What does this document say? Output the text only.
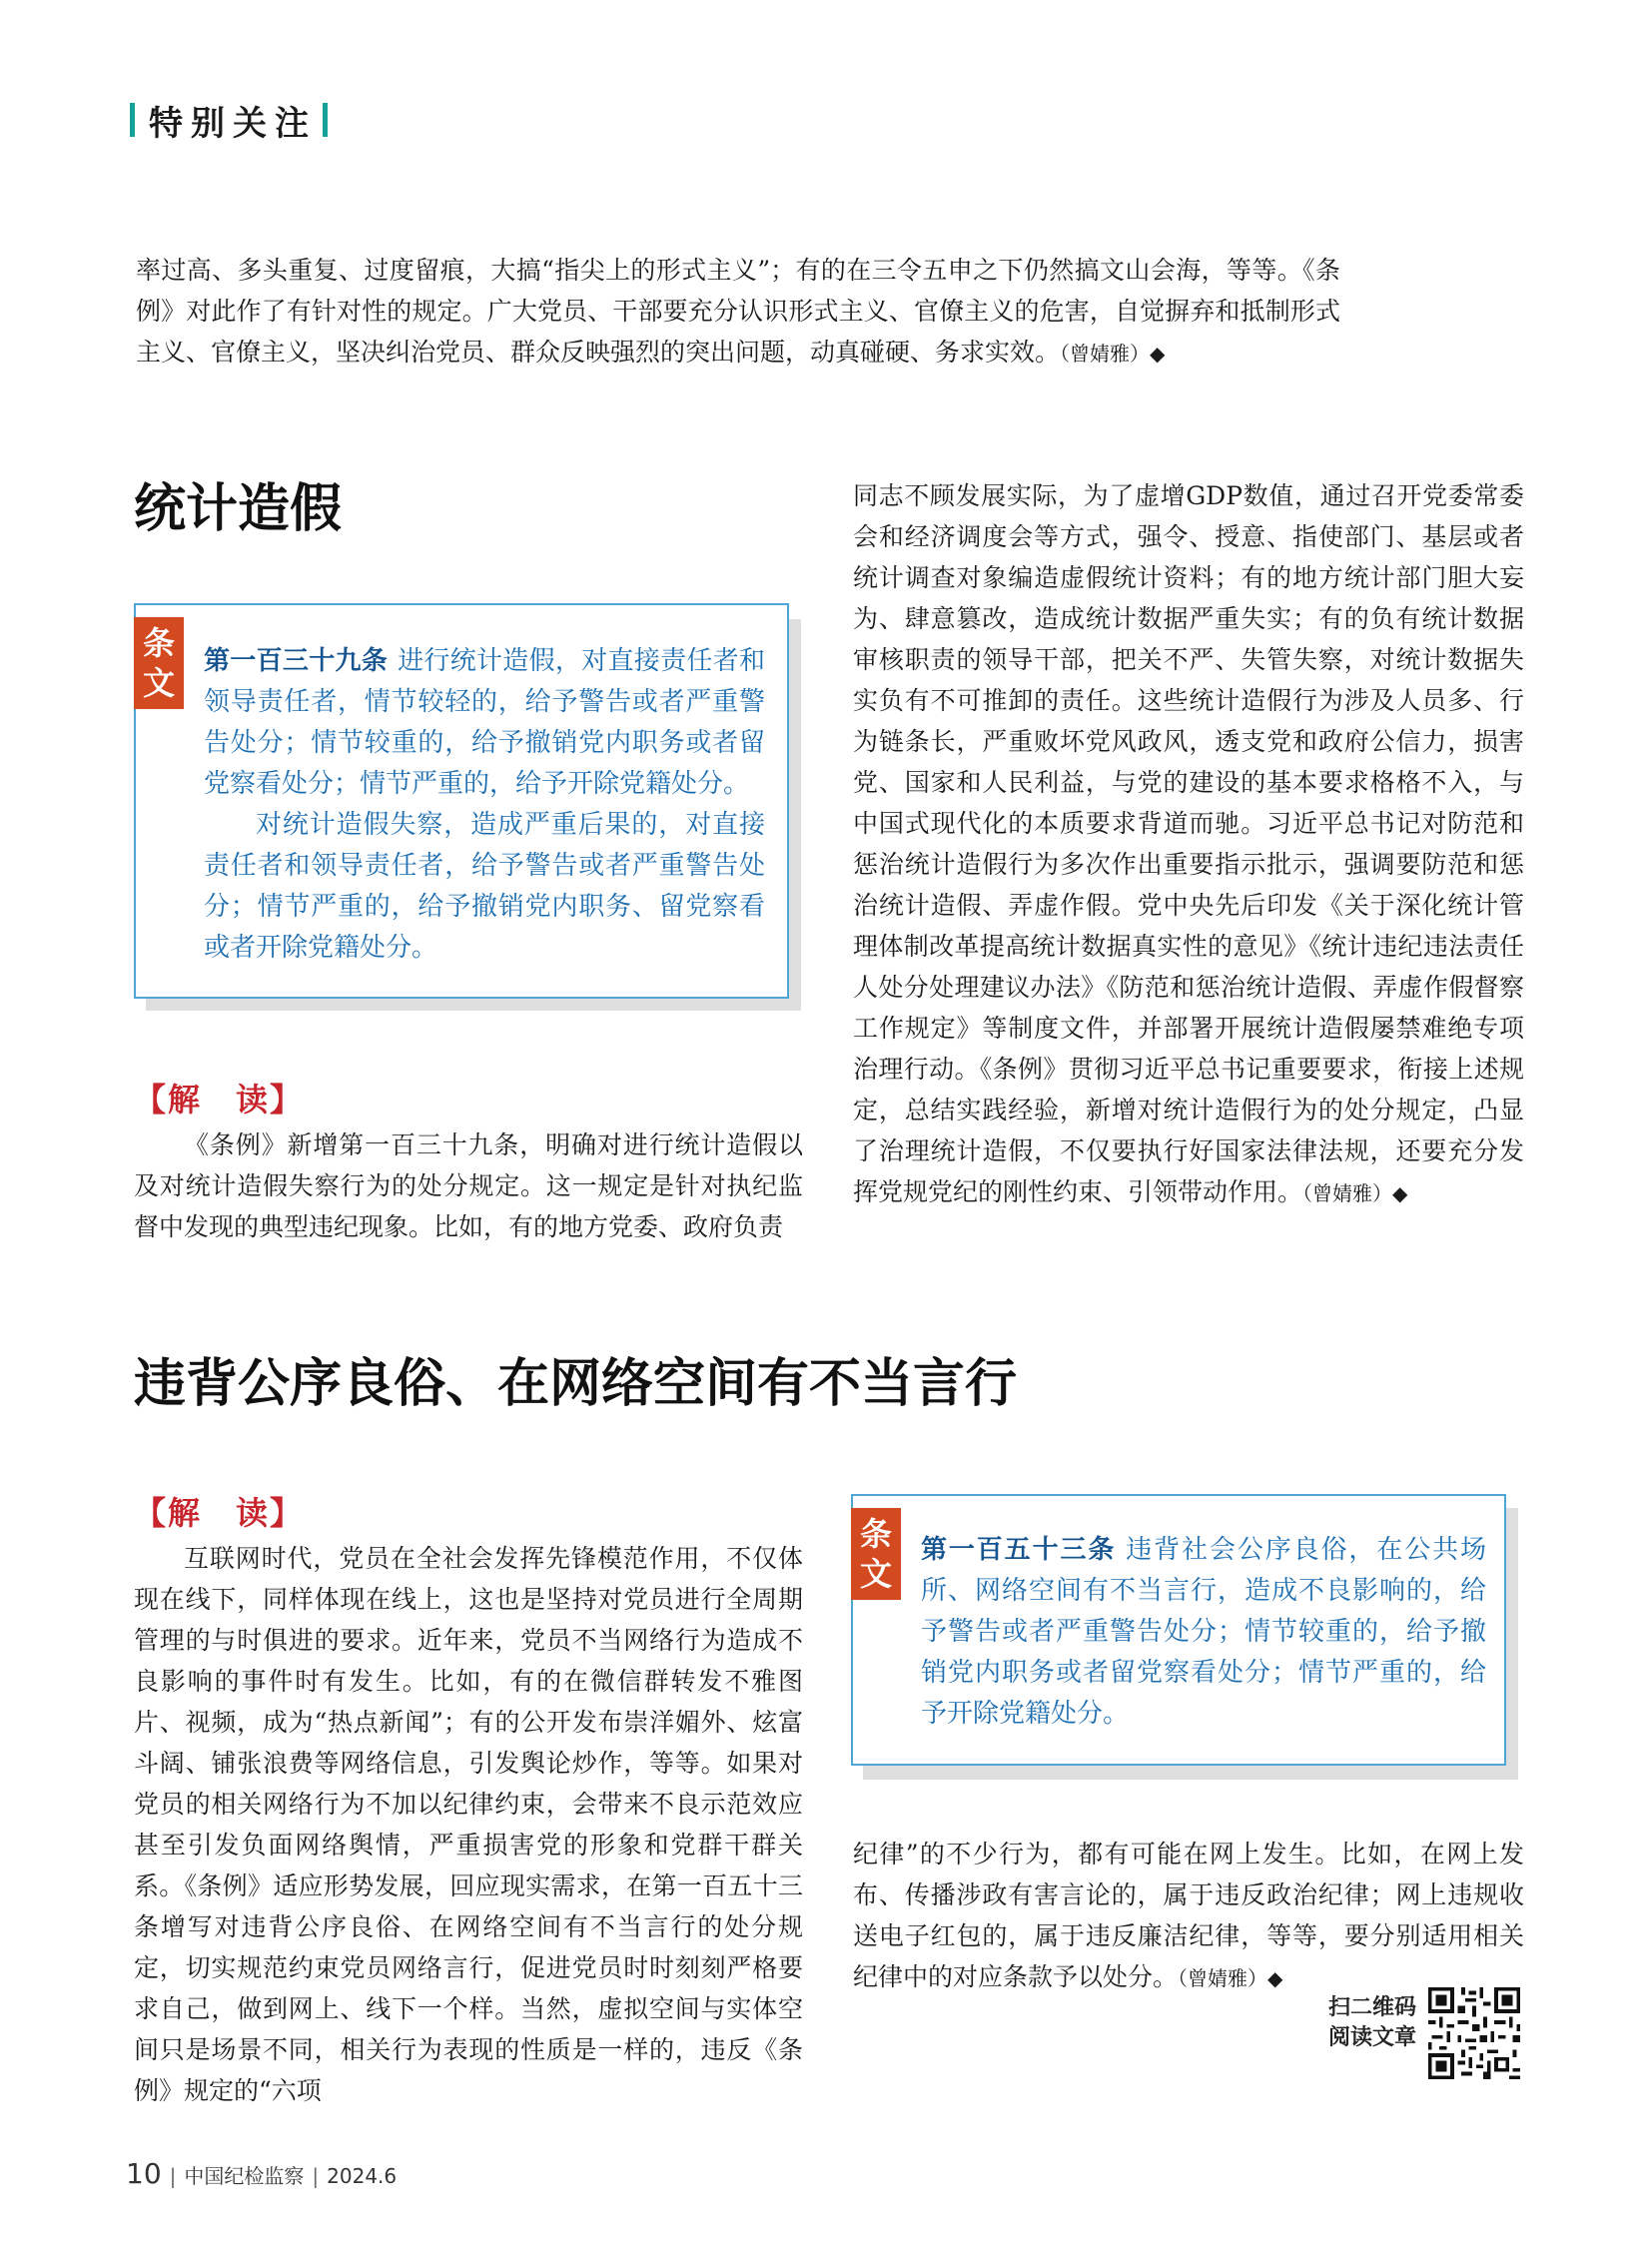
特别关注

率过高、多头重复、过度留痕，大搞“指尖上的形式主义”；有的在三令五申之下仍然搞文山会海，等等。《条例》对此作了有针对性的规定。广大党员、干部要充分认识形式主义、官僚主义的危害，自觉摒弃和抵制形式主义、官僚主义，坚决纠治党员、群众反映强烈的突出问题，动真碰硬、务求实效。（曾婧雅）◆

统计造假
条
文

第一百三十九条 进行统计造假，对直接责任者和领导责任者，情节较轻的，给予警告或者严重警告处分；情节较重的，给予撤销党内职务或者留党察看处分；情节严重的，给予开除党籍处分。

对统计造假失察，造成严重后果的，对直接责任者和领导责任者，给予警告或者严重警告处分；情节严重的，给予撤销党内职务、留党察看或者开除党籍处分。

【解　读】

《条例》新增第一百三十九条，明确对进行统计造假以及对统计造假失察行为的处分规定。这一规定是针对执纪监督中发现的典型违纪现象。比如，有的地方党委、政府负责

同志不顾发展实际，为了虚增GDP数值，通过召开党委常委会和经济调度会等方式，强令、授意、指使部门、基层或者统计调查对象编造虚假统计资料；有的地方统计部门胆大妄为、肆意篡改，造成统计数据严重失实；有的负有统计数据审核职责的领导干部，把关不严、失管失察，对统计数据失实负有不可推卸的责任。这些统计造假行为涉及人员多、行为链条长，严重败坏党风政风，透支党和政府公信力，损害党、国家和人民利益，与党的建设的基本要求格格不入，与中国式现代化的本质要求背道而驰。习近平总书记对防范和惩治统计造假行为多次作出重要指示批示，强调要防范和惩治统计造假、弄虚作假。党中央先后印发《关于深化统计管理体制改革提高统计数据真实性的意见》《统计违纪违法责任人处分处理建议办法》《防范和惩治统计造假、弄虚作假督察工作规定》等制度文件，并部署开展统计造假屡禁难绝专项治理行动。《条例》贯彻习近平总书记重要要求，衔接上述规定，总结实践经验，新增对统计造假行为的处分规定，凸显了治理统计造假，不仅要执行好国家法律法规，还要充分发挥党规党纪的刚性约束、引领带动作用。（曾婧雅）◆

违背公序良俗、在网络空间有不当言行
【解　读】

互联网时代，党员在全社会发挥先锋模范作用，不仅体现在线下，同样体现在线上，这也是坚持对党员进行全周期管理的与时俱进的要求。近年来，党员不当网络行为造成不良影响的事件时有发生。比如，有的在微信群转发不雅图片、视频，成为“热点新闻”；有的公开发布崇洋媚外、炫富斗阔、铺张浪费等网络信息，引发舆论炒作，等等。如果对党员的相关网络行为不加以纪律约束，会带来不良示范效应甚至引发负面网络舆情，严重损害党的形象和党群干群关系。《条例》适应形势发展，回应现实需求，在第一百五十三条增写对违背公序良俗、在网络空间有不当言行的处分规定，切实规范约束党员网络言行，促进党员时时刻刻严格要求自己，做到网上、线下一个样。当然，虚拟空间与实体空间只是场景不同，相关行为表现的性质是一样的，违反《条例》规定的“六项

条
文

第一百五十三条 违背社会公序良俗，在公共场所、网络空间有不当言行，造成不良影响的，给予警告或者严重警告处分；情节较重的，给予撤销党内职务或者留党察看处分；情节严重的，给予开除党籍处分。

纪律”的不少行为，都有可能在网上发生。比如，在网上发布、传播涉政有害言论的，属于违反政治纪律；网上违规收送电子红包的，属于违反廉洁纪律，等等，要分别适用相关纪律中的对应条款予以处分。（曾婧雅）◆

扫二维码
阅读文章
10 | 中国纪检监察 | 2024.6
